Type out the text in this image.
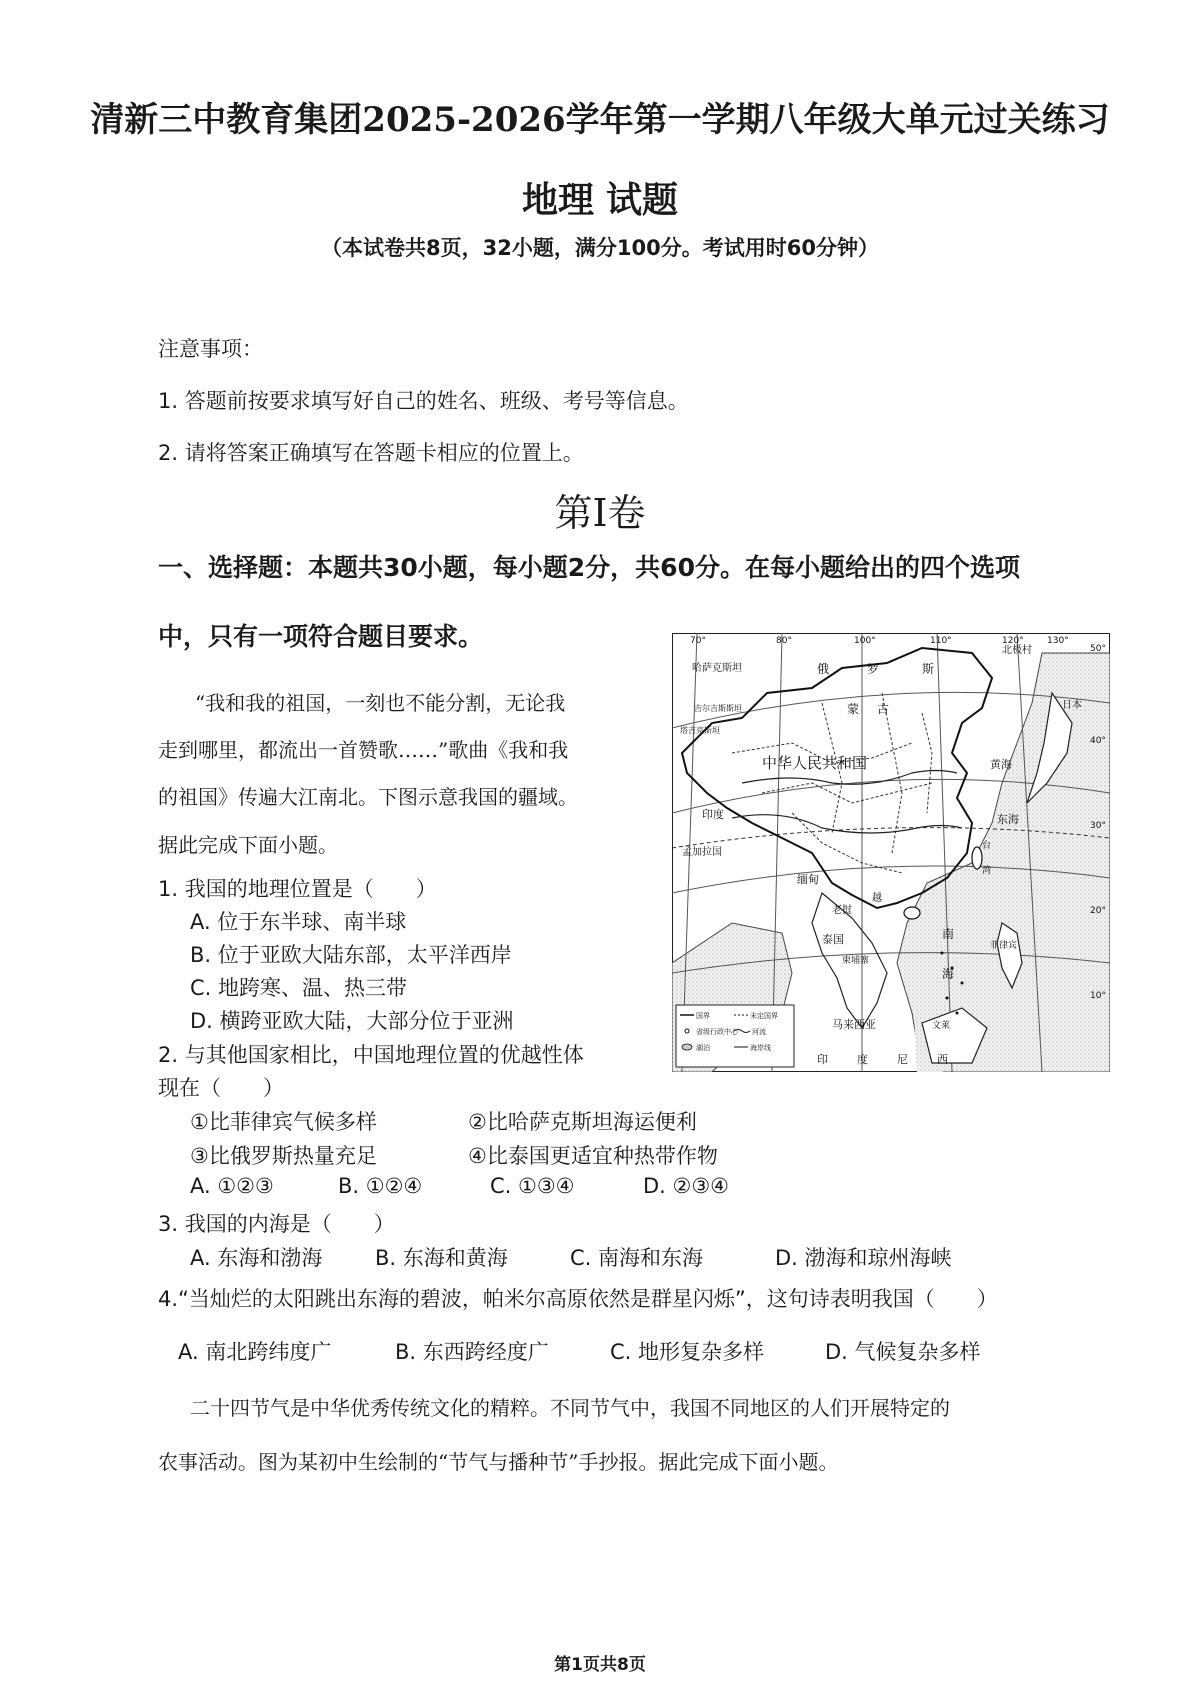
清新三中教育集团2025-2026学年第一学期八年级大单元过关练习
地理 试题
（本试卷共8页，32小题，满分100分。考试用时60分钟）
注意事项：
1. 答题前按要求填写好自己的姓名、班级、考号等信息。
2. 请将答案正确填写在答题卡相应的位置上。
第Ⅰ卷
一、选择题：本题共30小题，每小题2分，共60分。在每小题给出的四个选项
中，只有一项符合题目要求。
“我和我的祖国，一刻也不能分割，无论我
走到哪里，都流出一首赞歌……”歌曲《我和我
的祖国》传遍大江南北。下图示意我国的疆域。
据此完成下面小题。
1. 我国的地理位置是（　　）
A. 位于东半球、南半球
B. 位于亚欧大陆东部，太平洋西岸
C. 地跨寒、温、热三带
D. 横跨亚欧大陆，大部分位于亚洲
2. 与其他国家相比，中国地理位置的优越性体
现在（　　）
①比菲律宾气候多样	②比哈萨克斯坦海运便利
③比俄罗斯热量充足	④比泰国更适宜种热带作物
A. ①②③	B. ①②④	C. ①③④	D. ②③④
3. 我国的内海是（　　）
A. 东海和渤海	B. 东海和黄海	C. 南海和东海	D. 渤海和琼州海峡
4.“当灿烂的太阳跳出东海的碧波，帕米尔高原依然是群星闪烁”，这句诗表明我国（　　）
A. 南北跨纬度广	B. 东西跨经度广	C. 地形复杂多样	D. 气候复杂多样
二十四节气是中华优秀传统文化的精粹。不同节气中，我国不同地区的人们开展特定的
农事活动。图为某初中生绘制的“节气与播种节”手抄报。据此完成下面小题。
70°	80°	100°	110°	120°	130°
50°
40°
30°
20°
10°
哈萨克斯坦	俄	罗	斯
北极村
蒙 古
吉尔吉斯斯坦
塔吉克斯坦
中华人民共和国	黄海
日本
东海
印度
孟加拉国
缅甸
越
老挝
泰国
柬埔寨
南
海
马来西亚
印	度	尼	西
菲律宾
文莱
台
湾
国界	未定国界
省级行政中心 河流
湖泊	海岸线
第1页共8页
